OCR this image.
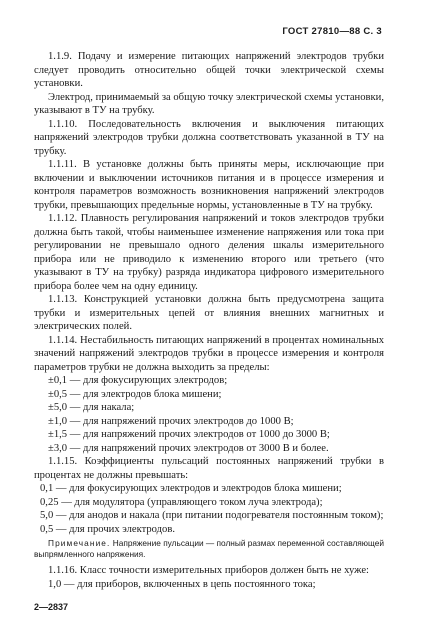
ГОСТ 27810—88 С. 3

1.1.9. Подачу и измерение питающих напряжений электродов трубки следует проводить относительно общей точки электрической схемы установки.

Электрод, принимаемый за общую точку электрической схемы установки, указывают в ТУ на трубку.

1.1.10. Последовательность включения и выключения питающих напряжений электродов трубки должна соответствовать указанной в ТУ на трубку.

1.1.11. В установке должны быть приняты меры, исключающие при включении и выключении источников питания и в процессе измерения и контроля параметров возможность возникновения напряжений электродов трубки, превышающих предельные нормы, установленные в ТУ на трубку.

1.1.12. Плавность регулирования напряжений и токов электродов трубки должна быть такой, чтобы наименьшее изменение напряжения или тока при регулировании не превышало одного деления шкалы измерительного прибора или не приводило к изменению второго или третьего (что указывают в ТУ на трубку) разряда индикатора цифрового измерительного прибора более чем на одну единицу.

1.1.13. Конструкцией установки должна быть предусмотрена защита трубки и измерительных цепей от влияния внешних магнитных и электрических полей.

1.1.14. Нестабильность питающих напряжений в процентах номинальных значений напряжений электродов трубки в процессе измерения и контроля параметров трубки не должна выходить за пределы:

±0,1 — для фокусирующих электродов;

±0,5 — для электродов блока мишени;

±5,0 — для накала;

±1,0 — для напряжений прочих электродов до 1000 В;

±1,5 — для напряжений прочих электродов от 1000 до 3000 В;

±3,0 — для напряжений прочих электродов от 3000 В и более.

1.1.15. Коэффициенты пульсаций постоянных напряжений трубки в процентах не должны превышать:

0,1 — для фокусирующих электродов и электродов блока мишени;

0,25 — для модулятора (управляющего током луча электрода);

5,0 — для анодов и накала (при питании подогревателя постоянным током);

0,5 — для прочих электродов.

Примечание. Напряжение пульсации — полный размах переменной составляющей выпрямленного напряжения.

1.1.16. Класс точности измерительных приборов должен быть не хуже:

1,0 — для приборов, включенных в цепь постоянного тока;

2—2837
